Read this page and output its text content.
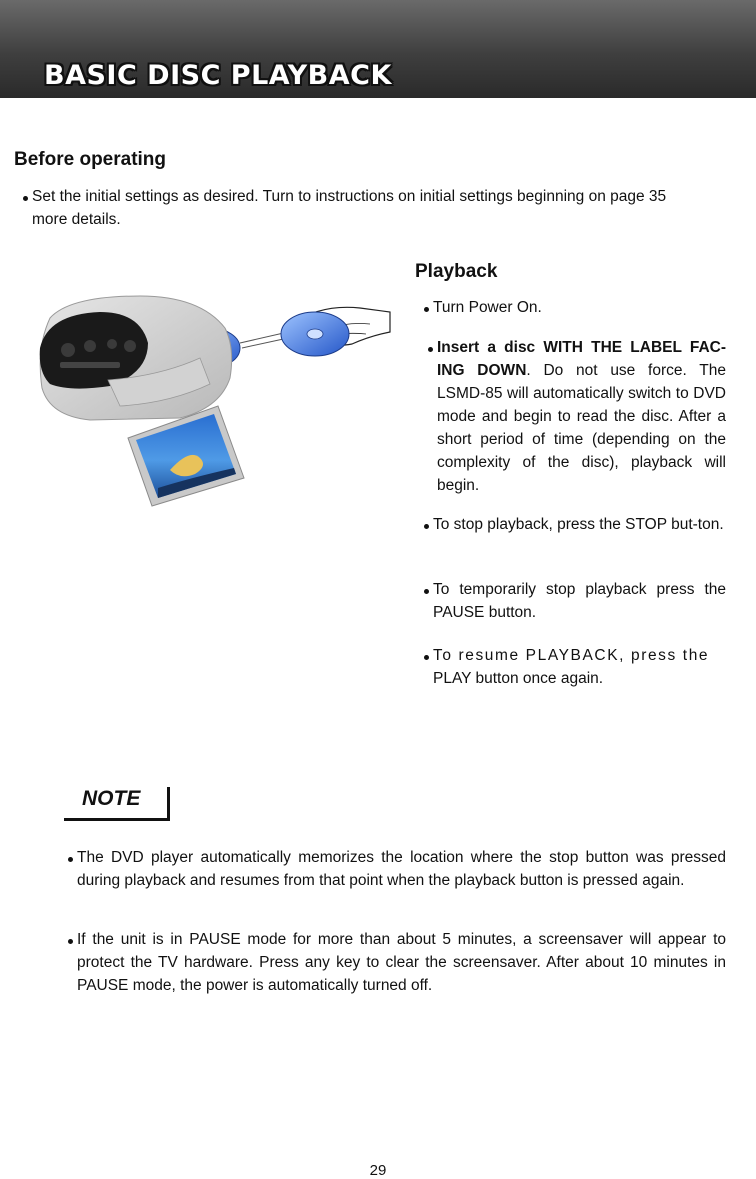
BASIC DISC PLAYBACK
Before operating
Set the initial settings as desired. Turn to instructions on initial settings beginning on page 35
more details.
Playback
Turn Power On.
Insert a disc WITH THE LABEL FAC-ING DOWN. Do not use force. The LSMD-85 will automatically switch to DVD mode and begin to read the disc. After a short period of time (depending on the complexity of the disc), playback will begin.
To stop playback, press the STOP but-ton.
To temporarily stop playback press the PAUSE button.
To resume PLAYBACK, press the
PLAY button once again.
NOTE
The DVD player automatically memorizes the location where the stop button was pressed during playback and resumes from that point when the playback button is pressed again.
If the unit is in PAUSE mode for more than about 5 minutes, a screensaver will appear to protect the TV hardware. Press any key to clear the screensaver. After about 10 minutes in PAUSE mode, the power is automatically turned off.
29
